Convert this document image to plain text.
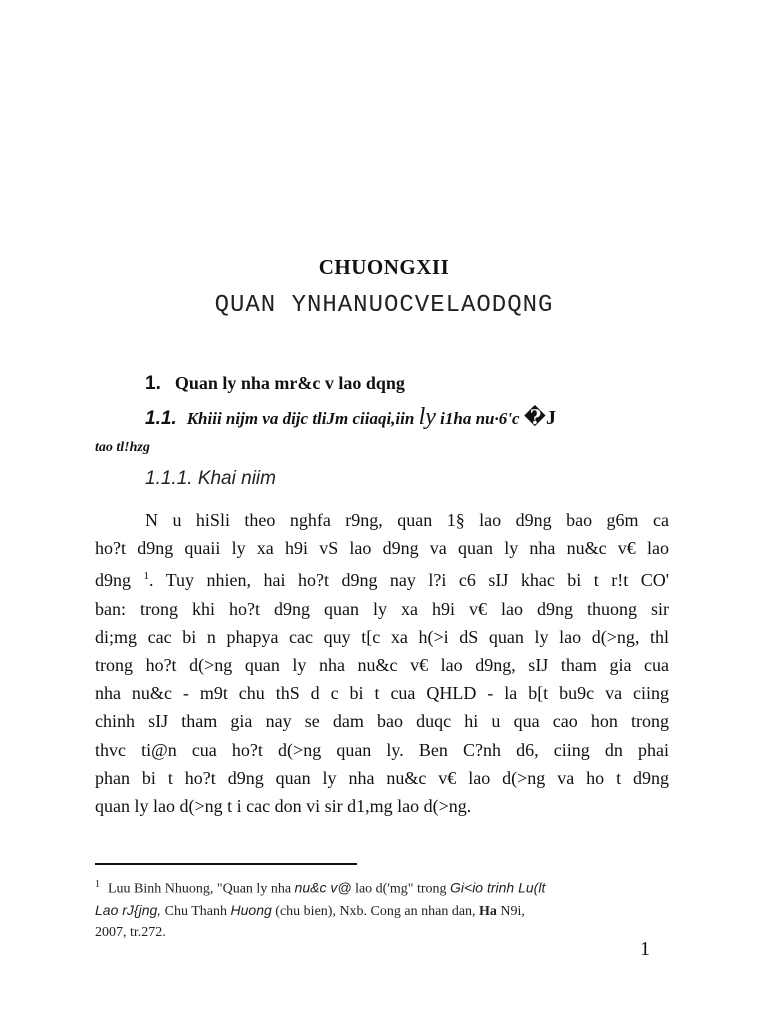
CHUONGXII
QUAN YNHANUOCVELAODQNG
1. Quan ly nha mr&c v lao dqng
1.1. Khiii nijm va dijc tliJm ciiaqi,iin ly i1ha nu·6'c �J
tao tl!hzg
1.1.1. Khai niim
N u hiSli theo nghfa r9ng, quan 1§ lao d9ng bao g6m ca
ho?t d9ng quaii ly xa h9i vS lao d9ng va quan ly nha nu&c v€ lao
d9ng $^1$. Tuy nhien, hai ho?t d9ng nay l?i c6 sIJ khac bi t r!t CO'
ban: trong khi ho?t d9ng quan ly xa h9i v€ lao d9ng thuong sir
di;mg cac bi n phapya cac quy t[c xa h(>i dS quan ly lao d(>ng, thl
trong ho?t d(>ng quan ly nha nu&c v€ lao d9ng, sIJ tham gia cua
nha nu&c - m9t chu thS d c bi t cua QHLD - la b[t bu9c va ciing
chinh sIJ tham gia nay se dam bao duqc hi u qua cao hon trong
thvc ti@n cua ho?t d(>ng quan ly. Ben C?nh d6, ciing dn phai
phan bi t ho?t d9ng quan ly nha nu&c v€ lao d(>ng va ho t d9ng
quan ly lao d(>ng t i cac don vi sir d1,mg lao d(>ng.
$^1$ Luu Binh Nhuong, "Quan ly nha nu&c v@ lao d('mg" trong Gi<io trinh Lu(lt
Lao rJ{jng, Chu Thanh Huong (chu bien), Nxb. Cong an nhan dan, Ha N9i,
2007, tr.272.
1
